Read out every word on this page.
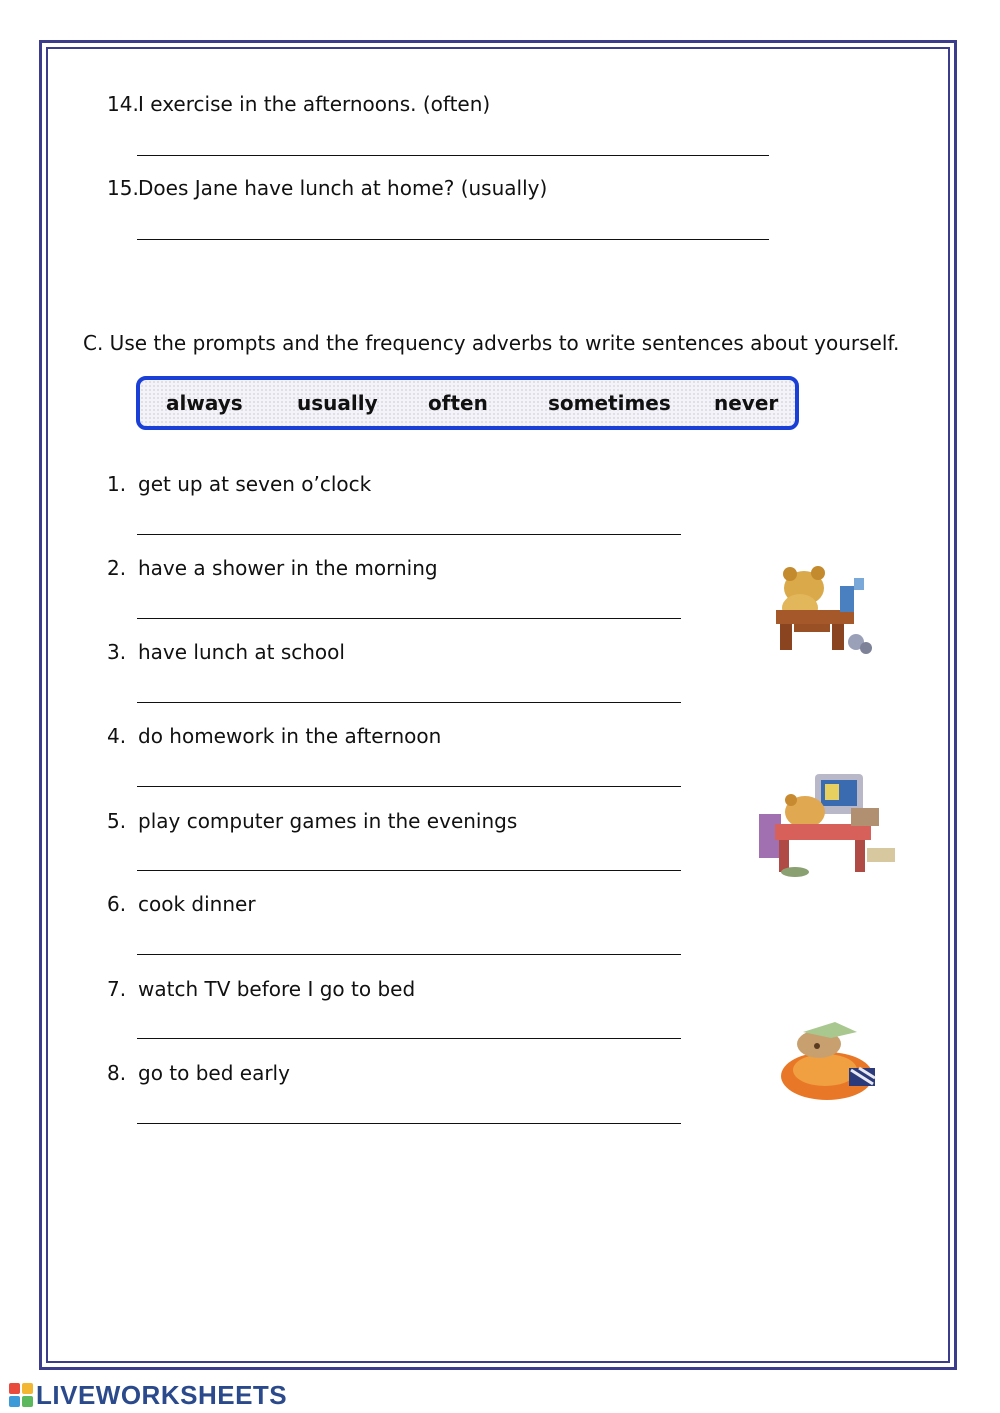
14.I exercise in the afternoons. (often)
15.Does Jane have lunch at home? (usually)
C. Use the prompts and the frequency adverbs to write sentences about yourself.
always	usually	often	sometimes never
1. get up at seven o’clock
2. have a shower in the morning
3. have lunch at school
4. do homework in the afternoon
5. play computer games in the evenings
6. cook dinner
7. watch TV before I go to bed
8. go to bed early
LIVEWORKSHEETS
